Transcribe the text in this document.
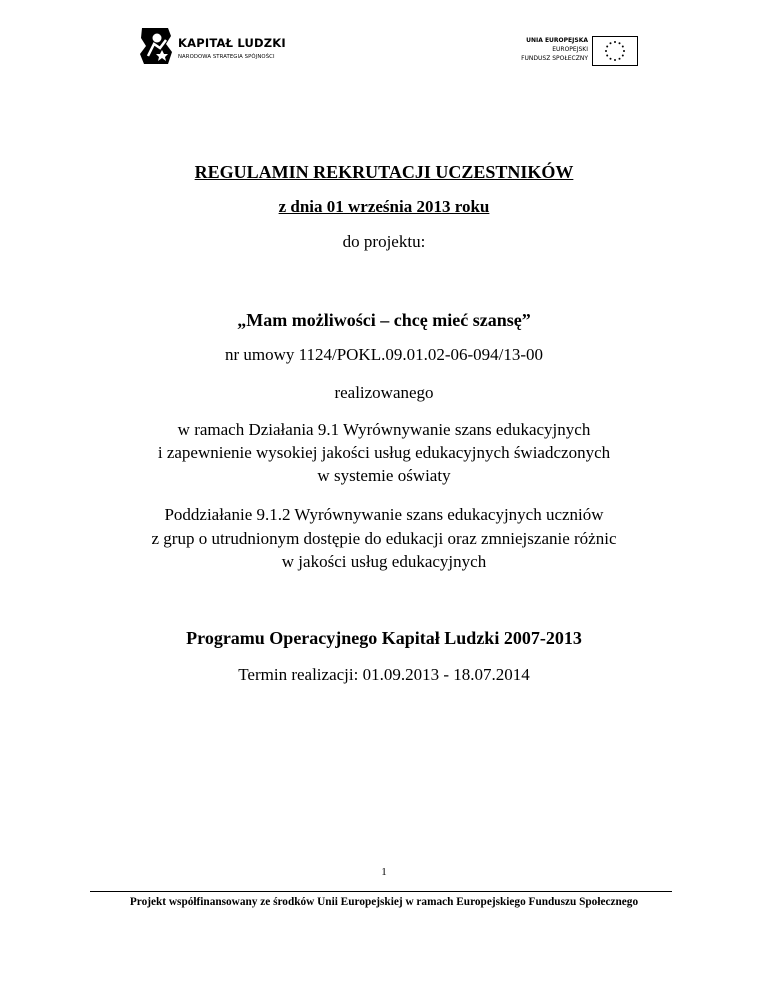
KAPITAŁ LUDZKI
NARODOWA STRATEGIA SPÓJNOŚCI
UNIA EUROPEJSKA
EUROPEJSKI
FUNDUSZ SPOŁECZNY
REGULAMIN REKRUTACJI UCZESTNIKÓW
z dnia 01 września 2013 roku
do projektu:
„Mam możliwości – chcę mieć szansę”
nr umowy 1124/POKL.09.01.02-06-094/13-00
realizowanego
w ramach Działania 9.1 Wyrównywanie szans edukacyjnych
i zapewnienie wysokiej jakości usług edukacyjnych świadczonych
w systemie oświaty
Poddziałanie 9.1.2 Wyrównywanie szans edukacyjnych uczniów
z grup o utrudnionym dostępie do edukacji oraz zmniejszanie różnic
w jakości usług edukacyjnych
Programu Operacyjnego Kapitał Ludzki 2007-2013
Termin realizacji: 01.09.2013 - 18.07.2014
1
Projekt współfinansowany ze środków Unii Europejskiej w ramach Europejskiego Funduszu Społecznego
